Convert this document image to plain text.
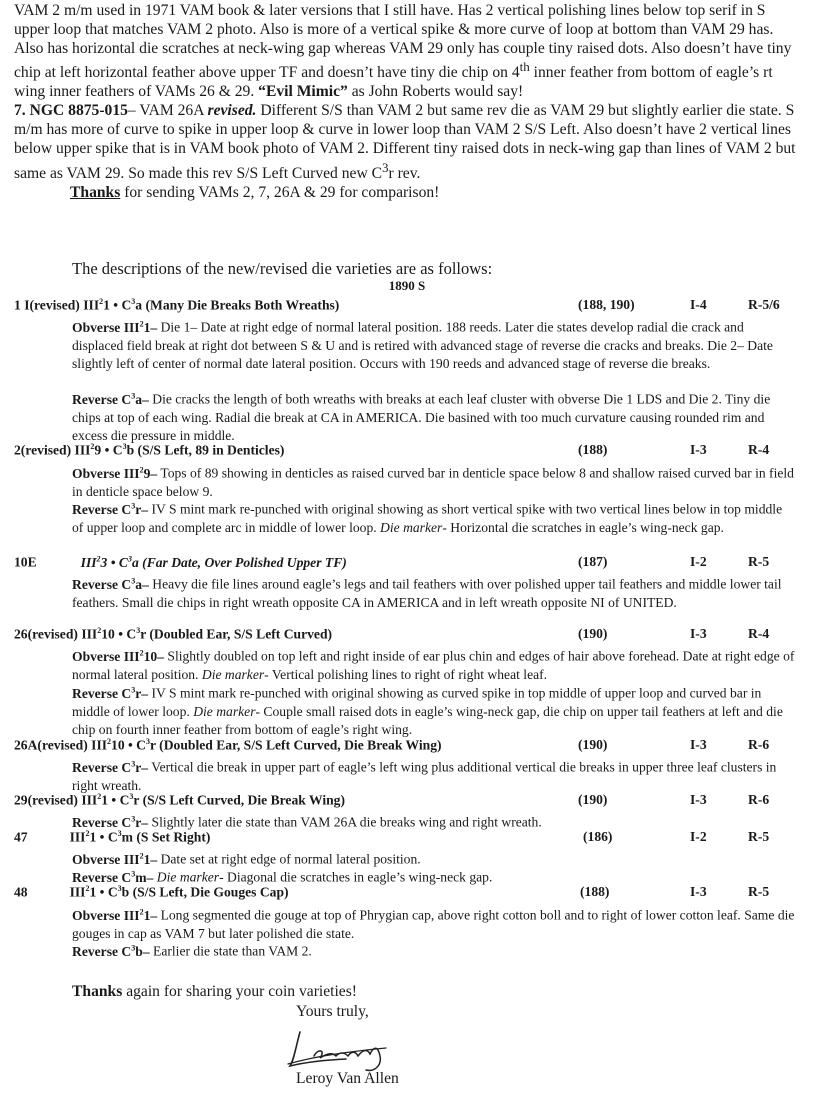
VAM 2 m/m used in 1971 VAM book & later versions that I still have. Has 2 vertical polishing lines below top serif in S upper loop that matches VAM 2 photo. Also is more of a vertical spike & more curve of loop at bottom than VAM 29 has. Also has horizontal die scratches at neck-wing gap whereas VAM 29 only has couple tiny raised dots. Also doesn’t have tiny chip at left horizontal feather above upper TF and doesn’t have tiny die chip on 4th inner feather from bottom of eagle’s rt wing inner feathers of VAMs 26 & 29. “Evil Mimic” as John Roberts would say!

7. NGC 8875-015– VAM 26A revised. Different S/S than VAM 2 but same rev die as VAM 29 but slightly earlier die state. S m/m has more of curve to spike in upper loop & curve in lower loop than VAM 2 S/S Left. Also doesn’t have 2 vertical lines below upper spike that is in VAM book photo of VAM 2. Different tiny raised dots in neck-wing gap than lines of VAM 2 but same as VAM 29. So made this rev S/S Left Curved new $C^3r$ rev.

Thanks for sending VAMs 2, 7, 26A & 29 for comparison!

The descriptions of the new/revised die varieties are as follows:
1890 S
1 I(revised) III$^2$1 • $C^3a$ (Many Die Breaks Both Wreaths)	(188, 190)	I-4	R-5/6
Obverse III$^2$1– Die 1– Date at right edge of normal lateral position. 188 reeds. Later die states develop radial die crack and displaced field break at right dot between S & U and is retired with advanced stage of reverse die cracks and breaks. Die 2– Date slightly left of center of normal date lateral position. Occurs with 190 reeds and advanced stage of reverse die breaks.
Reverse $C^3a-$ Die cracks the length of both wreaths with breaks at each leaf cluster with obverse Die 1 LDS and Die 2. Tiny die chips at top of each wing. Radial die break at CA in AMERICA. Die basined with too much curvature causing rounded rim and excess die pressure in middle.
2(revised) III$^2$9 • $C^3b$ (S/S Left, 89 in Denticles)	(188)	I-3	R-4
Obverse III$^2$9– Tops of 89 showing in denticles as raised curved bar in denticle space below 8 and shallow raised curved bar in field in denticle space below 9.
Reverse $C^3r-$ IV S mint mark re-punched with original showing as short vertical spike with two vertical lines below in top middle of upper loop and complete arc in middle of lower loop. Die marker- Horizontal die scratches in eagle’s wing-neck gap.
10E	III$^2$3 • $C^3a$ (Far Date, Over Polished Upper TF)	(187)	I-2	R-5
Reverse $C^3a-$ Heavy die file lines around eagle’s legs and tail feathers with over polished upper tail feathers and middle lower tail feathers. Small die chips in right wreath opposite CA in AMERICA and in left wreath opposite NI of UNITED.
26(revised) III$^2$10 • $C^3r$ (Doubled Ear, S/S Left Curved)	(190)	I-3	R-4
Obverse III$^2$10– Slightly doubled on top left and right inside of ear plus chin and edges of hair above forehead. Date at right edge of normal lateral position. Die marker- Vertical polishing lines to right of right wheat leaf.
Reverse $C^3r-$ IV S mint mark re-punched with original showing as curved spike in top middle of upper loop and curved bar in middle of lower loop. Die marker- Couple small raised dots in eagle’s wing-neck gap, die chip on upper tail feathers at left and die chip on fourth inner feather from bottom of eagle’s right wing.
26A(revised) III$^2$10 • $C^3r$ (Doubled Ear, S/S Left Curved, Die Break Wing)	(190)	I-3	R-6
Reverse $C^3r-$ Vertical die break in upper part of eagle’s left wing plus additional vertical die breaks in upper three leaf clusters in right wreath.
29(revised) III$^2$1 • $C^3r$ (S/S Left Curved, Die Break Wing)	(190)	I-3	R-6
Reverse $C^3r-$ Slightly later die state than VAM 26A die breaks wing and right wreath.
47	III$^2$1 • $C^3m$ (S Set Right)	(186)	I-2	R-5
Obverse III$^2$1– Date set at right edge of normal lateral position.
Reverse $C^3m-$ Die marker- Diagonal die scratches in eagle’s wing-neck gap.
48	III$^2$1 • $C^3b$ (S/S Left, Die Gouges Cap)	(188)	I-3	R-5
Obverse III$^2$1– Long segmented die gouge at top of Phrygian cap, above right cotton boll and to right of lower cotton leaf. Same die gouges in cap as VAM 7 but later polished die state.
Reverse $C^3b-$ Earlier die state than VAM 2.
Thanks again for sharing your coin varieties!
Yours truly,
Leroy Van Allen
